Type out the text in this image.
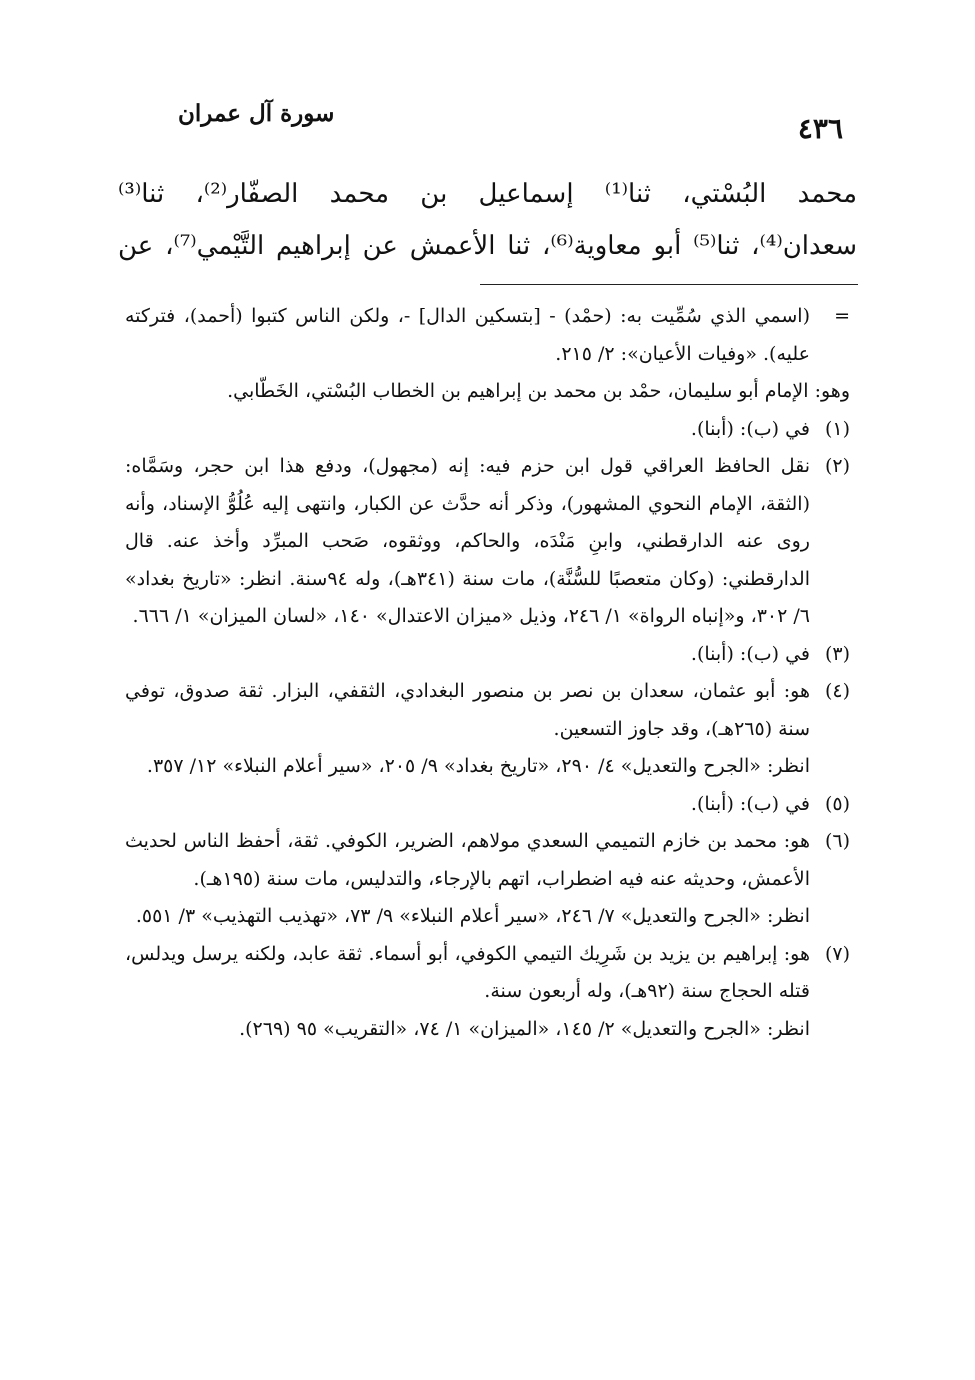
سورة آل عمران	٤٣٦

محمد البُسْتي، ثنا⁽¹⁾ إسماعيل بن محمد الصفّار⁽²⁾، ثنا⁽³⁾

سعدان⁽⁴⁾، ثنا⁽⁵⁾ أبو معاوية⁽⁶⁾، ثنا الأعمش عن إبراهيم التَّيْمي⁽⁷⁾، عن

=

(اسمي الذي سُمِّيت به: (حمْد) - [بتسكين الدال] -، ولكن الناس كتبوا (أحمد)، فتركته عليه). «وفيات الأعيان»: ٢/ ٢١٥.

وهو: الإمام أبو سليمان، حمْد بن محمد بن إبراهيم بن الخطاب البُسْتي، الخَطّابي.

(١)

في (ب): (أبنا).

(٢)

نقل الحافظ العراقي قول ابن حزم فيه: إنه (مجهول)، ودفع هذا ابن حجر، وسَمَّاه: (الثقة، الإمام النحوي المشهور)، وذكر أنه حدَّث عن الكبار، وانتهى إليه عُلُوُّ الإسناد، وأنه روى عنه الدارقطني، وابنِ مَنْدَه، والحاكم، ووثقوه، صَحب المبرِّد وأخذ عنه. قال الدارقطني: (وكان متعصبًا للسُّنَّة)، مات سنة (٣٤١هـ)، وله ٩٤سنة. انظر: «تاريخ بغداد» ٦/ ٣٠٢، و«إنباه الرواة» ١/ ٢٤٦، وذيل «ميزان الاعتدال» ١٤٠، «لسان الميزان» ١/ ٦٦٦.

(٣)

في (ب): (أبنا).

(٤)

هو: أبو عثمان، سعدان بن نصر بن منصور البغدادي، الثقفي، البزار. ثقة صدوق، توفي سنة (٢٦٥هـ)، وقد جاوز التسعين.

انظر: «الجرح والتعديل» ٤/ ٢٩٠، «تاريخ بغداد» ٩/ ٢٠٥، «سير أعلام النبلاء» ١٢/ ٣٥٧.

(٥)

في (ب): (أبنا).

(٦)

هو: محمد بن خازم التميمي السعدي مولاهم، الضرير، الكوفي. ثقة، أحفظ الناس لحديث الأعمش، وحديثه عنه فيه اضطراب، اتهم بالإرجاء، والتدليس، مات سنة (١٩٥هـ).

انظر: «الجرح والتعديل» ٧/ ٢٤٦، «سير أعلام النبلاء» ٩/ ٧٣، «تهذيب التهذيب» ٣/ ٥٥١.

(٧)

هو: إبراهيم بن يزيد بن شَرِيك التيمي الكوفي، أبو أسماء. ثقة عابد، ولكنه يرسل ويدلس، قتله الحجاج سنة (٩٢هـ)، وله أربعون سنة.

انظر: «الجرح والتعديل» ٢/ ١٤٥، «الميزان» ١/ ٧٤، «التقريب» ٩٥ (٢٦٩).
